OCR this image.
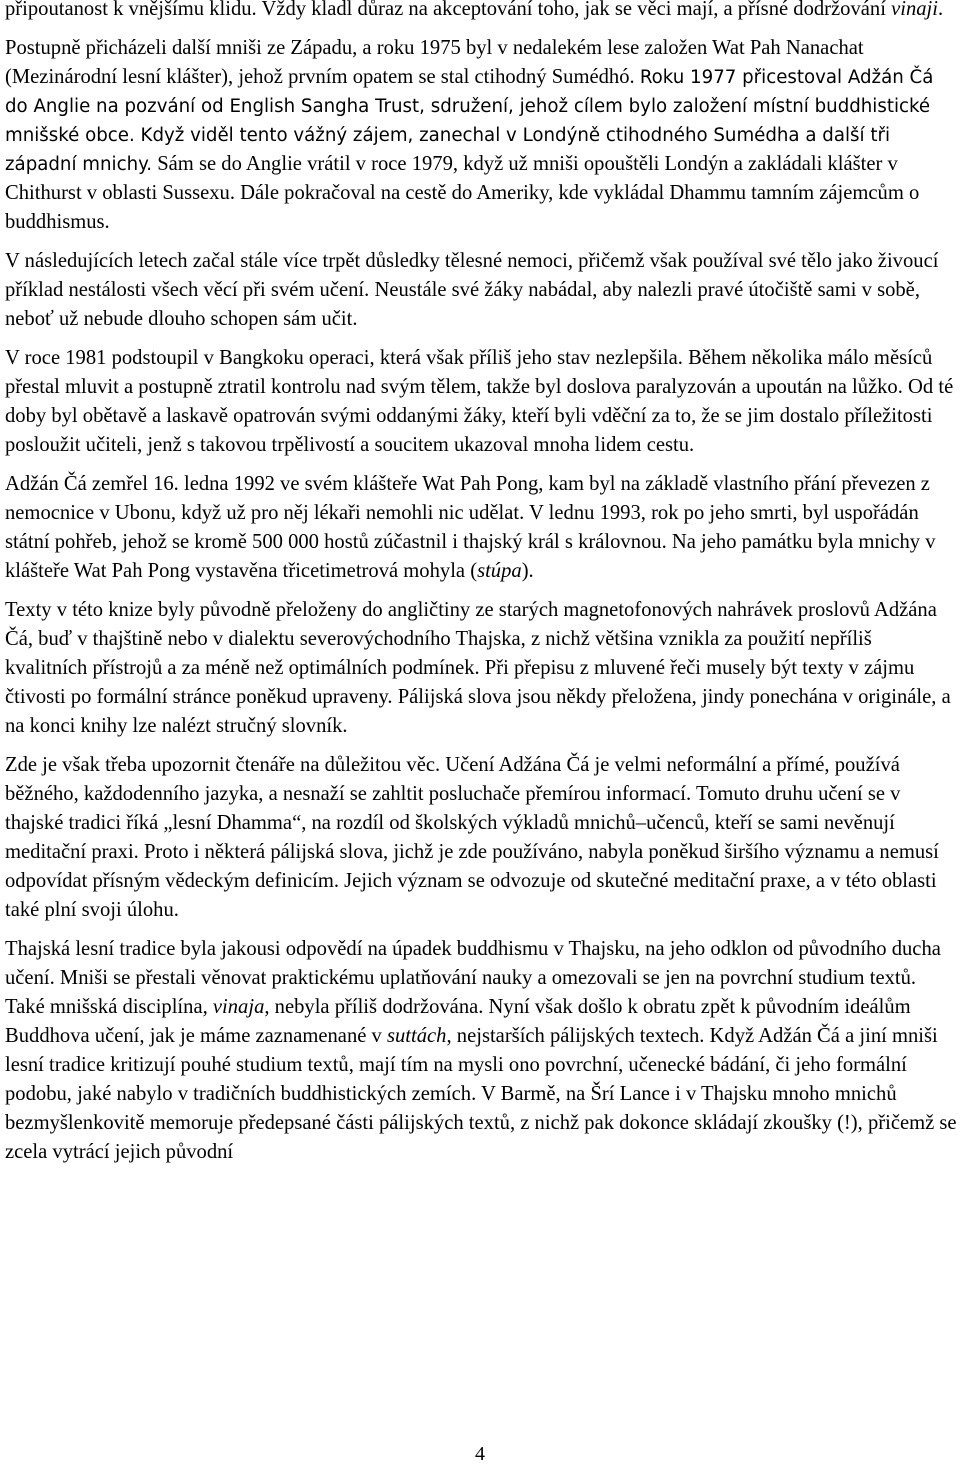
připoutanost k vnějšímu klidu. Vždy kladl důraz na akceptování toho, jak se věci mají, a přísné dodržování vinaji.

Postupně přicházeli další mniši ze Západu, a roku 1975 byl v nedalekém lese založen Wat Pah Nanachat (Mezinárodní lesní klášter), jehož prvním opatem se stal ctihodný Sumédhó. Roku 1977 přicestoval Adžán Čá do Anglie na pozvání od English Sangha Trust, sdružení, jehož cílem bylo založení místní buddhistické mnišské obce. Když viděl tento vážný zájem, zanechal v Londýně ctihodného Sumédha a další tři západní mnichy. Sám se do Anglie vrátil v roce 1979, když už mniši opouštěli Londýn a zakládali klášter v Chithurst v oblasti Sussexu. Dále pokračoval na cestě do Ameriky, kde vykládal Dhammu tamním zájemcům o buddhismus.

V následujících letech začal stále více trpět důsledky tělesné nemoci, přičemž však používal své tělo jako živoucí příklad nestálosti všech věcí při svém učení. Neustále své žáky nabádal, aby nalezli pravé útočiště sami v sobě, neboť už nebude dlouho schopen sám učit.

V roce 1981 podstoupil v Bangkoku operaci, která však příliš jeho stav nezlepšila. Během několika málo měsíců přestal mluvit a postupně ztratil kontrolu nad svým tělem, takže byl doslova paralyzován a upoután na lůžko. Od té doby byl obětavě a laskavě opatrován svými oddanými žáky, kteří byli vděční za to, že se jim dostalo příležitosti posloužit učiteli, jenž s takovou trpělivostí a soucitem ukazoval mnoha lidem cestu.

Adžán Čá zemřel 16. ledna 1992 ve svém klášteře Wat Pah Pong, kam byl na základě vlastního přání převezen z nemocnice v Ubonu, když už pro něj lékaři nemohli nic udělat. V lednu 1993, rok po jeho smrti, byl uspořádán státní pohřeb, jehož se kromě 500 000 hostů zúčastnil i thajský král s královnou. Na jeho památku byla mnichy v klášteře Wat Pah Pong vystavěna třicetimetrová mohyla (stúpa).

Texty v této knize byly původně přeloženy do angličtiny ze starých magnetofonových nahrávek proslovů Adžána Čá, buď v thajštině nebo v dialektu severovýchodního Thajska, z nichž většina vznikla za použití nepříliš kvalitních přístrojů a za méně než optimálních podmínek. Při přepisu z mluvené řeči musely být texty v zájmu čtivosti po formální stránce poněkud upraveny. Pálijská slova jsou někdy přeložena, jindy ponechána v originále, a na konci knihy lze nalézt stručný slovník.

Zde je však třeba upozornit čtenáře na důležitou věc. Učení Adžána Čá je velmi neformální a přímé, používá běžného, každodenního jazyka, a nesnaží se zahltit posluchače přemírou informací. Tomuto druhu učení se v thajské tradici říká „lesní Dhamma“, na rozdíl od školských výkladů mnichů–učenců, kteří se sami nevěnují meditační praxi. Proto i některá pálijská slova, jichž je zde používáno, nabyla poněkud širšího významu a nemusí odpovídat přísným vědeckým definicím. Jejich význam se odvozuje od skutečné meditační praxe, a v této oblasti také plní svoji úlohu.

Thajská lesní tradice byla jakousi odpovědí na úpadek buddhismu v Thajsku, na jeho odklon od původního ducha učení. Mniši se přestali věnovat praktickému uplatňování nauky a omezovali se jen na povrchní studium textů. Také mnišská disciplína, vinaja, nebyla příliš dodržována. Nyní však došlo k obratu zpět k původním ideálům Buddhova učení, jak je máme zaznamenané v suttách, nejstarších pálijských textech. Když Adžán Čá a jiní mniši lesní tradice kritizují pouhé studium textů, mají tím na mysli ono povrchní, učenecké bádání, či jeho formální podobu, jaké nabylo v tradičních buddhistických zemích. V Barmě, na Šrí Lance i v Thajsku mnoho mnichů bezmyšlenkovitě memoruje předepsané části pálijských textů, z nichž pak dokonce skládají zkoušky (!), přičemž se zcela vytrácí jejich původní

4
